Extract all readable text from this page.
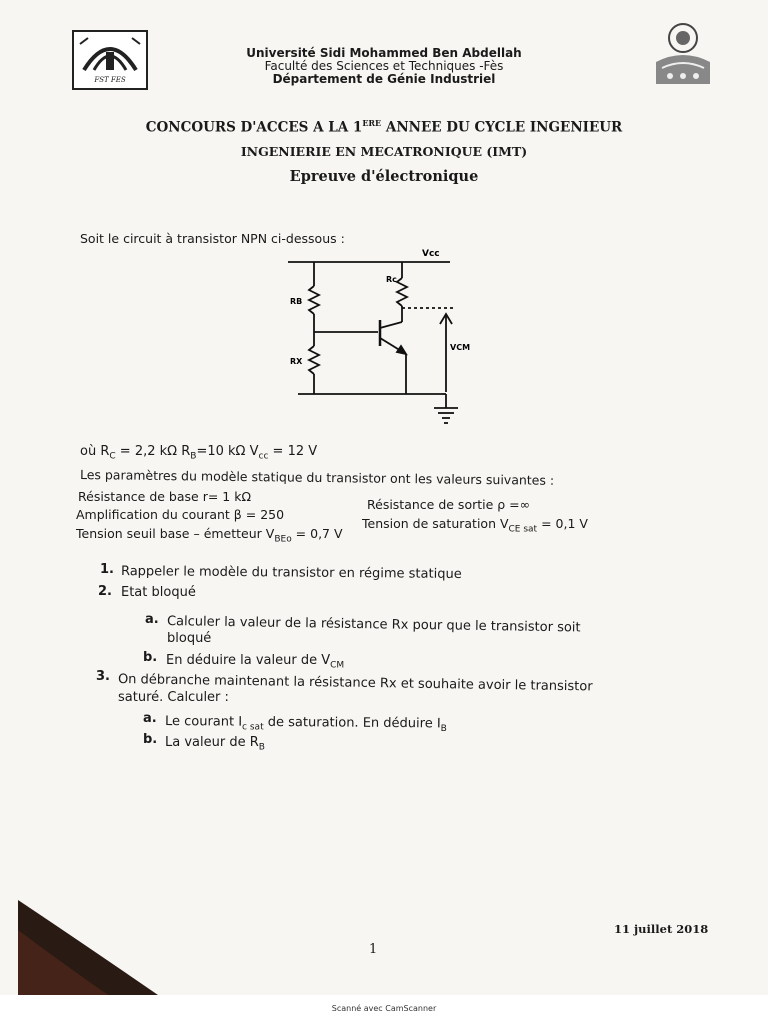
FST FES
Université Sidi Mohammed Ben Abdellah
Faculté des Sciences et Techniques -Fès
Département de Génie Industriel
CONCOURS D'ACCES A LA 1ERE ANNEE DU CYCLE INGENIEUR
INGENIERIE EN MECATRONIQUE (IMT)
Epreuve d'électronique
Soit le circuit à transistor NPN ci-dessous :
Vcc
Rc
RB
RX
VCM
où $R_C = 2,2$ kΩ $R_B=10$ kΩ $V_{cc} = 12$ V
Les paramètres du modèle statique du transistor ont les valeurs suivantes :
Résistance de base r= 1 kΩ
Résistance de sortie ρ =∞
Amplification du courant β = 250
Tension de saturation $V_{CE sat} = 0,1$ V
Tension seuil base – émetteur $V_{BEo} = 0,7$ V
1. Rappeler le modèle du transistor en régime statique
2. Etat bloqué
a. Calculer la valeur de la résistance Rx pour que le transistor soit
bloqué
b. En déduire la valeur de $V_{CM}$
3. On débranche maintenant la résistance Rx et souhaite avoir le transistor
saturé. Calculer :
a. Le courant $I_{c sat}$ de saturation. En déduire $I_B$
b. La valeur de $R_B$
11 juillet 2018
1
Scanné avec CamScanner
